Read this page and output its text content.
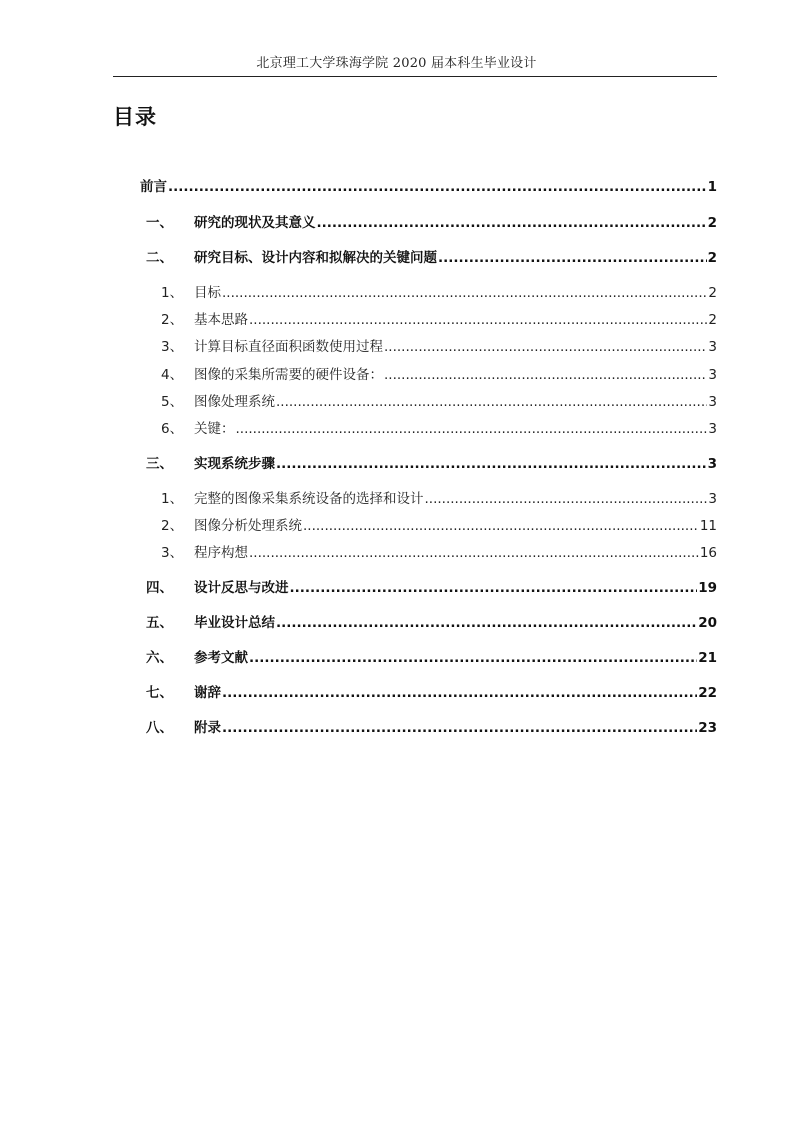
北京理工大学珠海学院 2020 届本科生毕业设计
目录
前言 .....	1
一、 研究的现状及其意义 .....	2
二、 研究目标、设计内容和拟解决的关键问题 .....	2
1、 目标 .....	2
2、 基本思路 .....	2
3、 计算目标直径面积函数使用过程 .....	3
4、 图像的采集所需要的硬件设备： .....	3
5、 图像处理系统 .....	3
6、 关键： .....	3
三、 实现系统步骤 .....	3
1、 完整的图像采集系统设备的选择和设计 .....	3
2、 图像分析处理系统 .....	11
3、 程序构想 .....	16
四、 设计反思与改进 .....	19
五、 毕业设计总结 .....	20
六、 参考文献 .....	21
七、 谢辞 .....	22
八、 附录 .....	23
